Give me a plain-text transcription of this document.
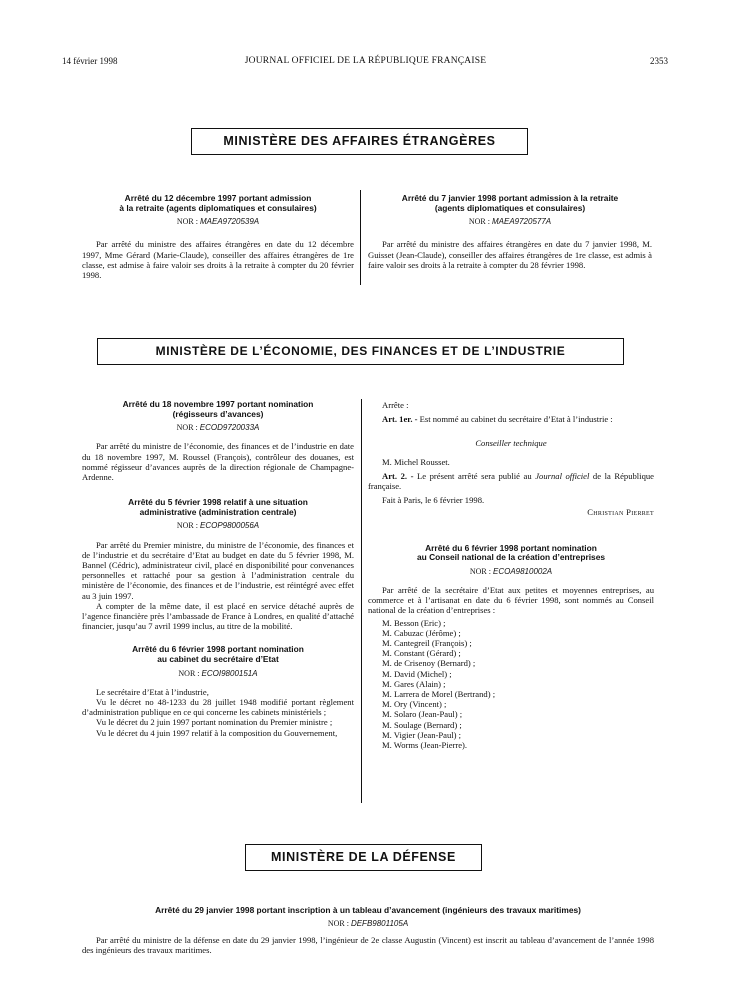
14 février 1998	JOURNAL OFFICIEL DE LA RÉPUBLIQUE FRANÇAISE	2353
MINISTÈRE DES AFFAIRES ÉTRANGÈRES
Arrêté du 12 décembre 1997 portant admission
à la retraite (agents diplomatiques et consulaires)
NOR : MAEA9720539A

Par arrêté du ministre des affaires étrangères en date du 12 décembre 1997, Mme Gérard (Marie-Claude), conseiller des affaires étrangères de 1re classe, est admise à faire valoir ses droits à la retraite à compter du 20 février 1998.

Arrêté du 7 janvier 1998 portant admission à la retraite
(agents diplomatiques et consulaires)
NOR : MAEA9720577A

Par arrêté du ministre des affaires étrangères en date du 7 janvier 1998, M. Guisset (Jean-Claude), conseiller des affaires étrangères de 1re classe, est admis à faire valoir ses droits à la retraite à compter du 28 février 1998.

MINISTÈRE DE L’ÉCONOMIE, DES FINANCES ET DE L’INDUSTRIE
Arrêté du 18 novembre 1997 portant nomination
(régisseurs d’avances)
NOR : ECOD9720033A

Par arrêté du ministre de l’économie, des finances et de l’industrie en date du 18 novembre 1997, M. Roussel (François), contrôleur des douanes, est nommé régisseur d’avances auprès de la direction régionale de Champagne-Ardenne.

Arrêté du 5 février 1998 relatif à une situation
administrative (administration centrale)
NOR : ECOP9800056A

Par arrêté du Premier ministre, du ministre de l’économie, des finances et de l’industrie et du secrétaire d’Etat au budget en date du 5 février 1998, M. Bannel (Cédric), administrateur civil, placé en disponibilité pour convenances personnelles et rattaché pour sa gestion à l’administration centrale du ministère de l’économie, des finances et de l’industrie, est réintégré avec effet au 3 juin 1997.

A compter de la même date, il est placé en service détaché auprès de l’agence financière près l’ambassade de France à Londres, en qualité d’attaché financier, jusqu’au 7 avril 1999 inclus, au titre de la mobilité.

Arrêté du 6 février 1998 portant nomination
au cabinet du secrétaire d’Etat
NOR : ECOI9800151A

Le secrétaire d’Etat à l’industrie,

Vu le décret no 48-1233 du 28 juillet 1948 modifié portant règlement d’administration publique en ce qui concerne les cabinets ministériels ;

Vu le décret du 2 juin 1997 portant nomination du Premier ministre ;

Vu le décret du 4 juin 1997 relatif à la composition du Gouvernement,

Arrête :

Art. 1er. - Est nommé au cabinet du secrétaire d’Etat à l’industrie :

Conseiller technique

M. Michel Rousset.

Art. 2. - Le présent arrêté sera publié au Journal officiel de la République française.

Fait à Paris, le 6 février 1998.

Christian Pierret

Arrêté du 6 février 1998 portant nomination
au Conseil national de la création d’entreprises
NOR : ECOA9810002A

Par arrêté de la secrétaire d’Etat aux petites et moyennes entreprises, au commerce et à l’artisanat en date du 6 février 1998, sont nommés au Conseil national de la création d’entreprises :

M. Besson (Eric) ;
M. Cabuzac (Jérôme) ;
M. Cantegreil (François) ;
M. Constant (Gérard) ;
M. de Crisenoy (Bernard) ;
M. David (Michel) ;
M. Gares (Alain) ;
M. Larrera de Morel (Bertrand) ;
M. Ory (Vincent) ;
M. Solaro (Jean-Paul) ;
M. Soulage (Bernard) ;
M. Vigier (Jean-Paul) ;
M. Worms (Jean-Pierre).
MINISTÈRE DE LA DÉFENSE
Arrêté du 29 janvier 1998 portant inscription à un tableau d’avancement (ingénieurs des travaux maritimes)
NOR : DEFB9801105A

Par arrêté du ministre de la défense en date du 29 janvier 1998, l’ingénieur de 2e classe Augustin (Vincent) est inscrit au tableau d’avancement de l’année 1998 des ingénieurs des travaux maritimes.
